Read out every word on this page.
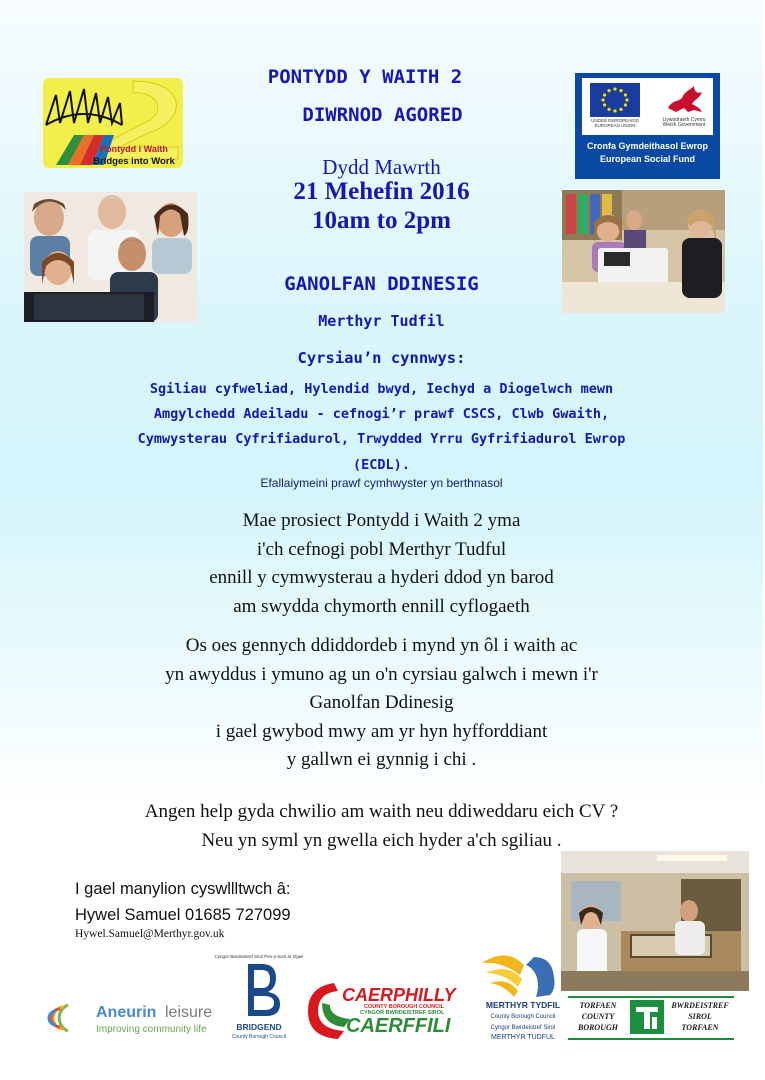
Pontydd i Waith
Bridges into Work
UNDEB EWROPEAIDD EUROPEAN UNION
Llywodraeth Cymru Welsh Government
Cronfa Gymdeithasol Ewrop
European Social Fund
PONTYDD Y WAITH 2
DIWRNOD AGORED
Dydd Mawrth
21 Mehefin 2016
10am to 2pm
GANOLFAN DDINESIG
Merthyr Tudfil
Cyrsiau’n cynnwys:
Sgiliau cyfweliad, Hylendid bwyd, Iechyd a Diogelwch mewn
Amgylchedd Adeiladu - cefnogi’r prawf CSCS, Clwb Gwaith,
Cymwysterau Cyfrifiadurol, Trwydded Yrru Gyfrifiadurol Ewrop
(ECDL).
Efallaiymeini prawf cymhwyster yn berthnasol
Mae prosiect Pontydd i Waith 2 yma
i'ch cefnogi pobl Merthyr Tudful
ennill y cymwysterau a hyderi ddod yn barod
am swydda chymorth ennill cyflogaeth
Os oes gennych ddiddordeb i mynd yn ôl i waith ac
yn awyddus i ymuno ag un o'n cyrsiau galwch i mewn i'r
Ganolfan Ddinesig
i gael gwybod mwy am yr hyn hyfforddiant
y gallwn ei gynnig i chi .
Angen help gyda chwilio am waith neu ddiweddaru eich CV ?
Neu yn syml yn gwella eich hyder a'ch sgiliau .
I gael manylion cyswllltwch â:
Hywel Samuel 01685 727099
Hywel.Samuel@Merthyr.gov.uk
Aneurin leisure
Improving community life
Cyngor Bwrdeistref Sirol Pen-y-bont ar Ogwr
BRIDGEND
County Borough Council
CAERPHILLY
COUNTY BOROUGH COUNCIL
CYNGOR BWRDEISTREF SIROL
CAERFFILI
MERTHYR TYDFIL
County Borough Council
Cyngor Bwrdeistref Sirol
MERTHYR TUDFUL
TORFAEN
COUNTY
BOROUGH
BWRDEISTREF
SIROL
TORFAEN
